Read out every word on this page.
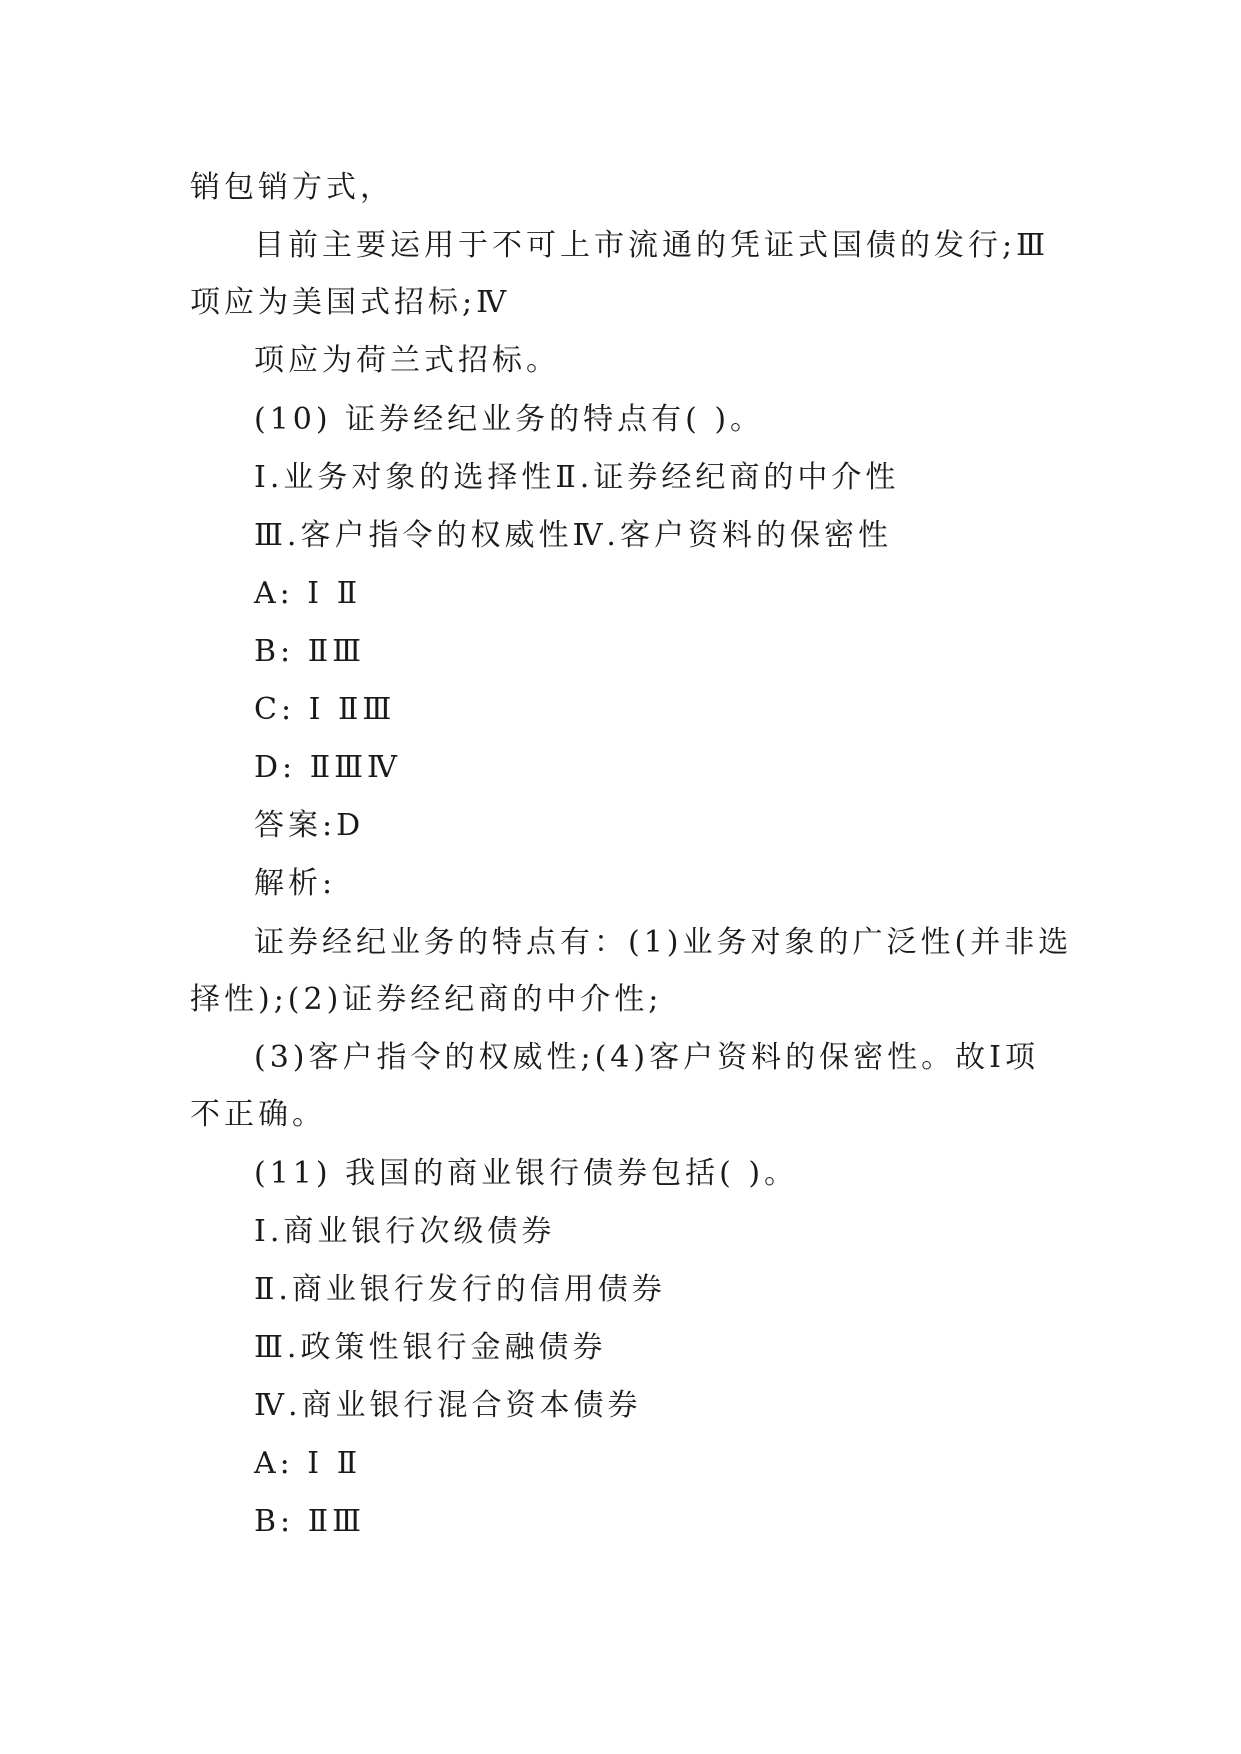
销包销方式，
目前主要运用于不可上市流通的凭证式国债的发行;Ⅲ
项应为美国式招标;Ⅳ
项应为荷兰式招标。
(10) 证券经纪业务的特点有( )。
Ⅰ.业务对象的选择性Ⅱ.证券经纪商的中介性
Ⅲ.客户指令的权威性Ⅳ.客户资料的保密性
A: Ⅰ Ⅱ
B: ⅡⅢ
C: Ⅰ ⅡⅢ
D: ⅡⅢⅣ
答案:D
解析:
证券经纪业务的特点有：(1)业务对象的广泛性(并非选
择性);(2)证券经纪商的中介性;
(3)客户指令的权威性;(4)客户资料的保密性。故Ⅰ项
不正确。
(11) 我国的商业银行债券包括( )。
Ⅰ.商业银行次级债券
Ⅱ.商业银行发行的信用债券
Ⅲ.政策性银行金融债券
Ⅳ.商业银行混合资本债券
A: Ⅰ Ⅱ
B: ⅡⅢ
